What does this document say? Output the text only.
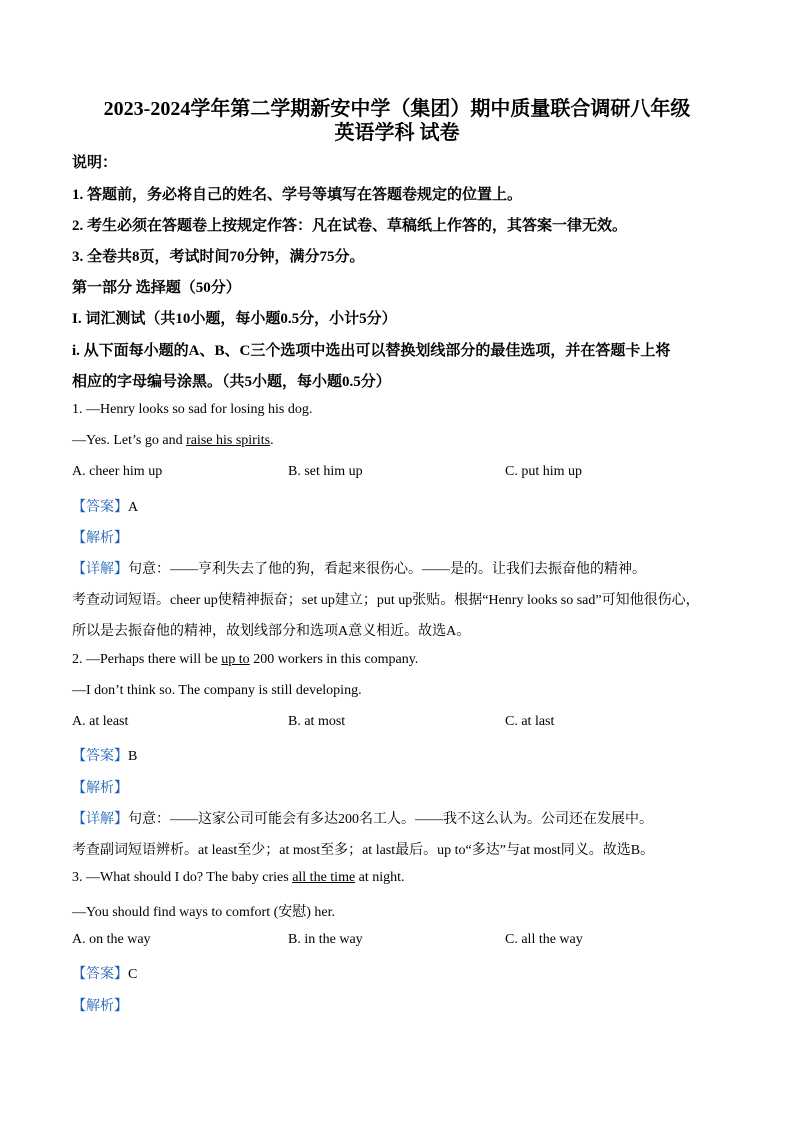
2023-2024学年第二学期新安中学（集团）期中质量联合调研八年级
英语学科 试卷
说明：
1. 答题前，务必将自己的姓名、学号等填写在答题卷规定的位置上。
2. 考生必须在答题卷上按规定作答：凡在试卷、草稿纸上作答的，其答案一律无效。
3. 全卷共8页，考试时间70分钟，满分75分。
第一部分 选择题（50分）
I. 词汇测试（共10小题，每小题0.5分，小计5分）
i. 从下面每小题的A、B、C三个选项中选出可以替换划线部分的最佳选项，并在答题卡上将
相应的字母编号涂黑。（共5小题，每小题0.5分）
1. —Henry looks so sad for losing his dog.
—Yes. Let’s go and raise his spirits.
A. cheer him up	B. set him up	C. put him up
【答案】A
【解析】
【详解】句意：——亨利失去了他的狗，看起来很伤心。——是的。让我们去振奋他的精神。
考查动词短语。cheer up使精神振奋；set up建立；put up张贴。根据“Henry looks so sad”可知他很伤心，
所以是去振奋他的精神，故划线部分和选项A意义相近。故选A。
2. —Perhaps there will be up to 200 workers in this company.
—I don’t think so. The company is still developing.
A. at least	B. at most	C. at last
【答案】B
【解析】
【详解】句意：——这家公司可能会有多达200名工人。——我不这么认为。公司还在发展中。
考查副词短语辨析。at least至少；at most至多；at last最后。up to“多达”与at most同义。故选B。
3. —What should I do? The baby cries all the time at night.
—You should find ways to comfort (安慰) her.
A. on the way	B. in the way	C. all the way
【答案】C
【解析】
